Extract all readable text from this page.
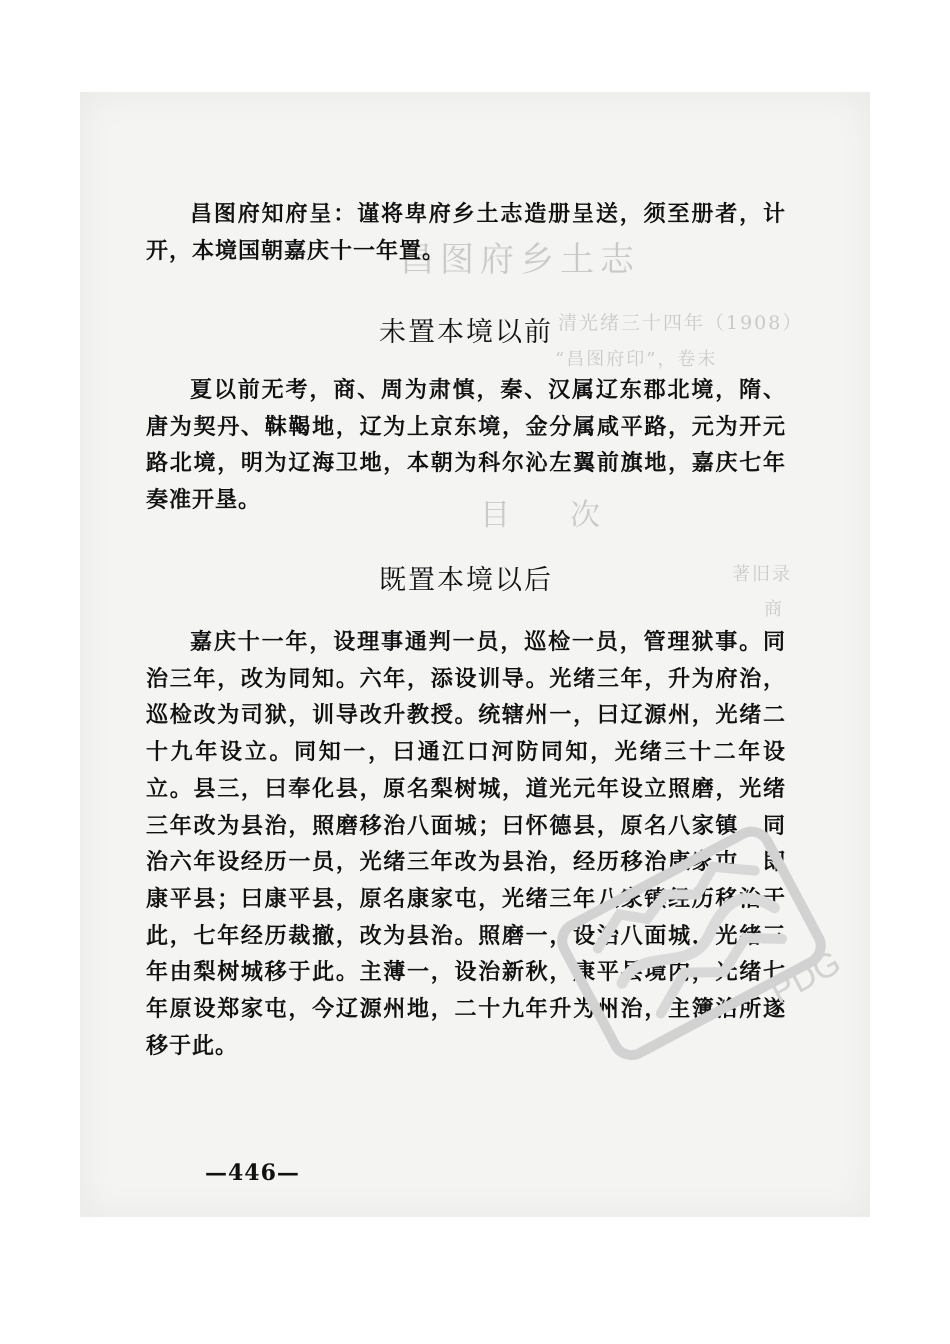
昌图府乡土志
清光绪三十四年（1908）
“昌图府印”，卷末
目次
著旧录
商
昌图府知府呈：谨将卑府乡土志造册呈送，须至册者，计开，本境国朝嘉庆十一年置。
未置本境以前
夏以前无考，商、周为肃慎，秦、汉属辽东郡北境，隋、唐为契丹、靺鞨地，辽为上京东境，金分属咸平路，元为开元路北境，明为辽海卫地，本朝为科尔沁左翼前旗地，嘉庆七年奏准开垦。
既置本境以后
嘉庆十一年，设理事通判一员，巡检一员，管理狱事。同治三年，改为同知。六年，添设训导。光绪三年，升为府治，巡检改为司狱，训导改升教授。统辖州一，曰辽源州，光绪二十九年设立。同知一，曰通江口河防同知，光绪三十二年设立。县三，曰奉化县，原名梨树城，道光元年设立照磨，光绪三年改为县治，照磨移治八面城；曰怀德县，原名八家镇，同治六年设经历一员，光绪三年改为县治，经历移治康家屯，即康平县；曰康平县，原名康家屯，光绪三年八家镇经历移治于此，七年经历裁撤，改为县治。照磨一，设治八面城，光绪三年由梨树城移于此。主薄一，设治新秋，康平县境内，光绪七年原设郑家屯，今辽源州地，二十九年升为州治，主簿治所遂移于此。
—446—
PDG
